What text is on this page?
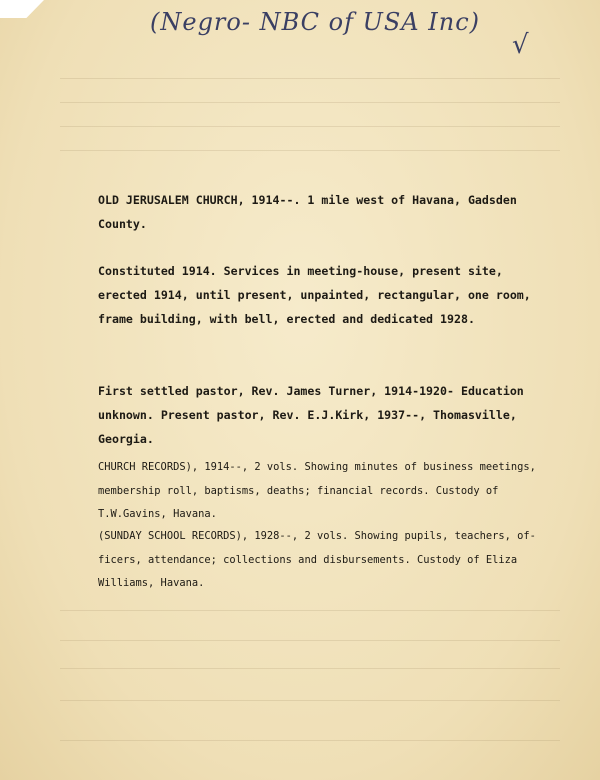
(Negro- NBC of USA Inc)
√
OLD JERUSALEM CHURCH, 1914--. 1 mile west of Havana, Gadsden
County.
Constituted 1914. Services in meeting-house, present site,
erected 1914, until present, unpainted, rectangular, one room,
frame building, with bell, erected and dedicated 1928.
First settled pastor, Rev. James Turner, 1914-1920- Education
unknown. Present pastor, Rev. E.J.Kirk, 1937--, Thomasville,
Georgia.
CHURCH RECORDS), 1914--, 2 vols. Showing minutes of business meetings,
membership roll, baptisms, deaths; financial records. Custody of
T.W.Gavins, Havana.
(SUNDAY SCHOOL RECORDS), 1928--, 2 vols. Showing pupils, teachers, of-
ficers, attendance; collections and disbursements. Custody of Eliza
Williams, Havana.
